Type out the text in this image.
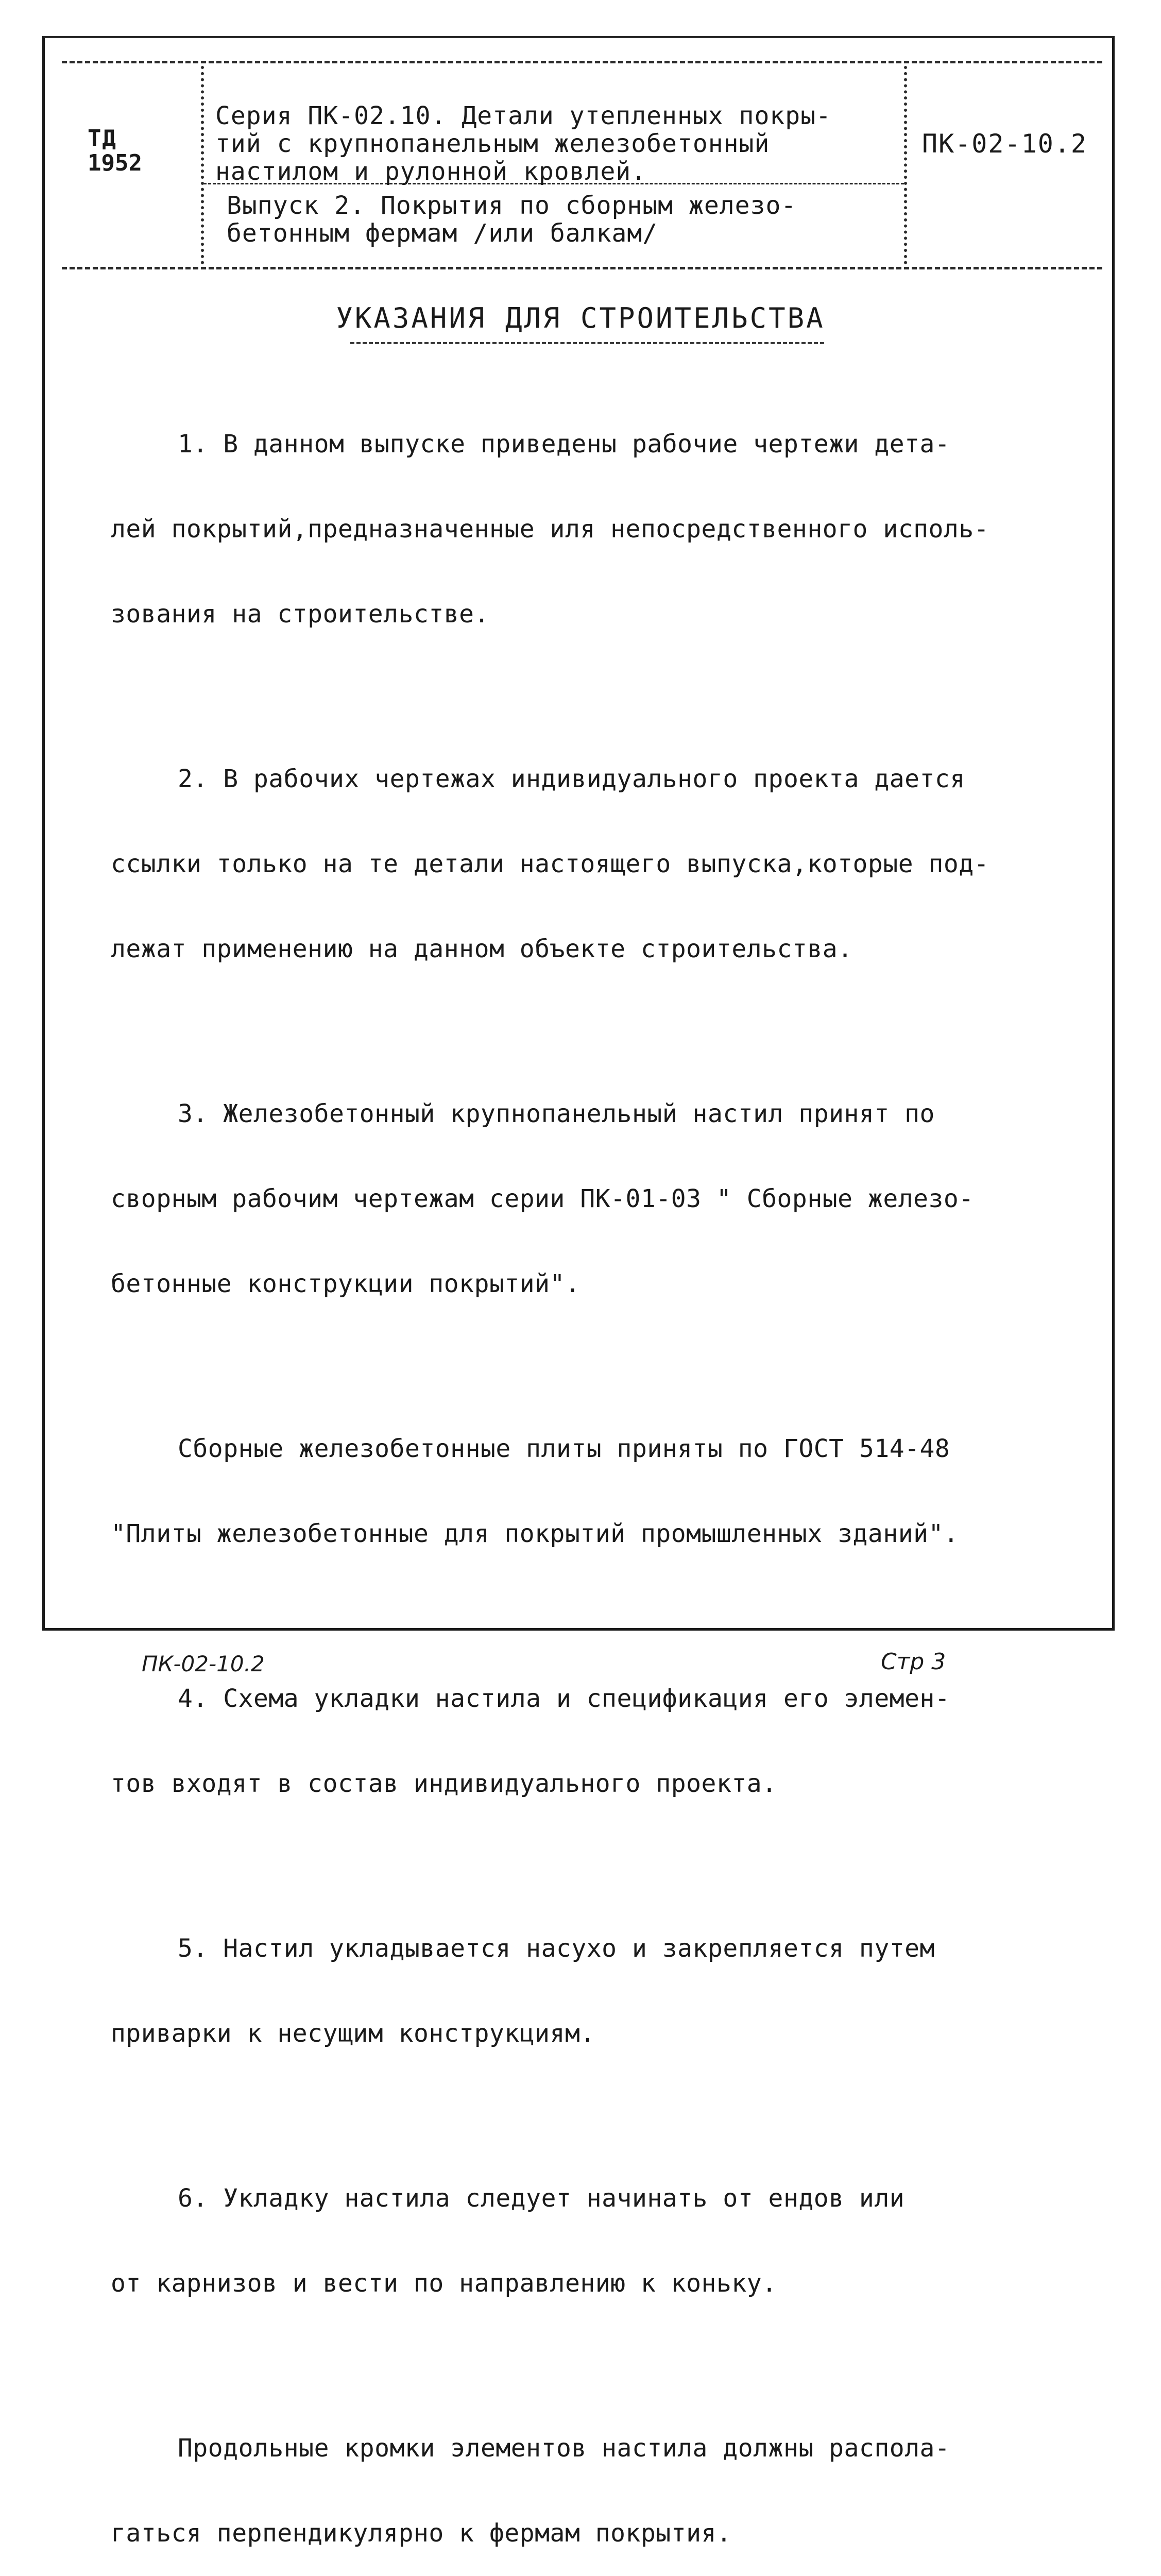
ТД
1952
Серия ПК-02.10. Детали утепленных покры-
тий с крупнопанельным железобетонный
настилом и рулонной кровлей.
Выпуск 2. Покрытия по сборным железо-
бетонным фермам /или балкам/
ПК-02-10.2
УКАЗАНИЯ ДЛЯ СТРОИТЕЛЬСТВА

1. В данном выпуске приведены рабочие чертежи дета-

лей покрытий,предназначенные иля непосредственного исполь-

зования на строительстве.

2. В рабочих чертежах индивидуального проекта дается

ссылки только на те детали настоящего выпуска,которые под-

лежат применению на данном объекте строительства.

3. Железобетонный крупнопанельный настил принят по

сворным рабочим чертежам серии ПК-01-03 " Сборные железо-

бетонные конструкции покрытий".

Сборные железобетонные плиты приняты по ГОСТ 514-48

"Плиты железобетонные для покрытий промышленных зданий".

4. Схема укладки настила и спецификация его элемен-

тов входят в состав индивидуального проекта.

5. Настил укладывается насухо и закрепляется путем

приварки к несущим конструкциям.

6. Укладку настила следует начинать от ендов или

от карнизов и вести по направлению к коньку.

Продольные кромки элементов настила должны распола-

гаться перпендикулярно к фермам покрытия.

ПК-02-10.2	Стр 3
